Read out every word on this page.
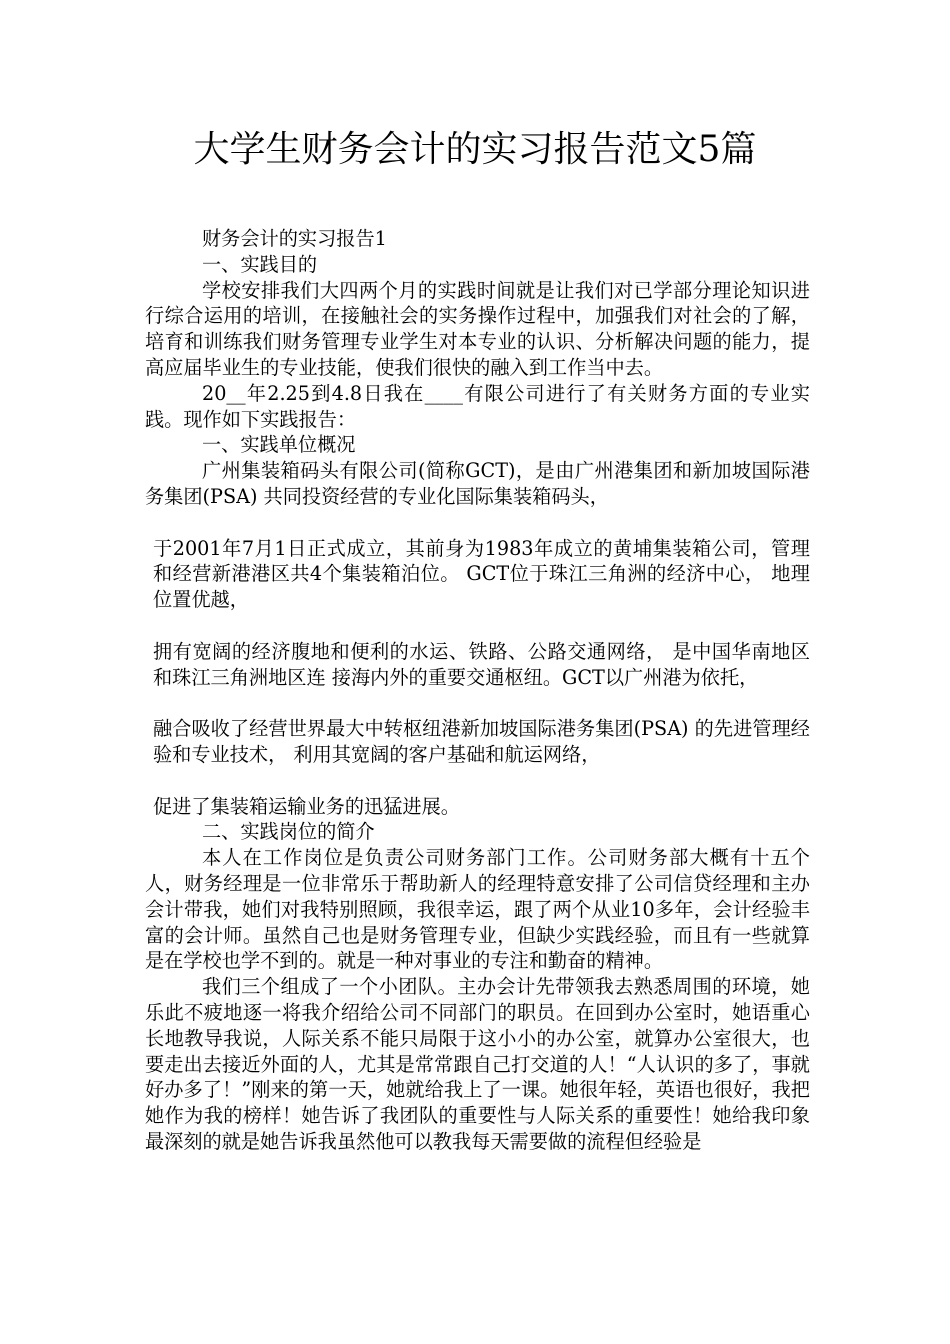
大学生财务会计的实习报告范文5篇

财务会计的实习报告1

一、实践目的

学校安排我们大四两个月的实践时间就是让我们对已学部分理论知识进行综合运用的培训，在接触社会的实务操作过程中，加强我们对社会的了解，培育和训练我们财务管理专业学生对本专业的认识、分析解决问题的能力，提高应届毕业生的专业技能，使我们很快的融入到工作当中去。

20__年2.25到4.8日我在____有限公司进行了有关财务方面的专业实践。现作如下实践报告：

一、实践单位概况

广州集装箱码头有限公司(简称GCT)，是由广州港集团和新加坡国际港务集团(PSA) 共同投资经营的专业化国际集装箱码头，

于2001年7月1日正式成立，其前身为1983年成立的黄埔集装箱公司，管理和经营新港港区共4个集装箱泊位。 GCT位于珠江三角洲的经济中心， 地理位置优越，

拥有宽阔的经济腹地和便利的水运、铁路、公路交通网络， 是中国华南地区和珠江三角洲地区连 接海内外的重要交通枢纽。GCT以广州港为依托，

融合吸收了经营世界最大中转枢纽港新加坡国际港务集团(PSA) 的先进管理经验和专业技术， 利用其宽阔的客户基础和航运网络，

促进了集装箱运输业务的迅猛进展。

二、实践岗位的简介

本人在工作岗位是负责公司财务部门工作。公司财务部大概有十五个人，财务经理是一位非常乐于帮助新人的经理特意安排了公司信贷经理和主办会计带我，她们对我特别照顾，我很幸运，跟了两个从业10多年，会计经验丰富的会计师。虽然自己也是财务管理专业，但缺少实践经验，而且有一些就算是在学校也学不到的。就是一种对事业的专注和勤奋的精神。

我们三个组成了一个小团队。主办会计先带领我去熟悉周围的环境，她乐此不疲地逐一将我介绍给公司不同部门的职员。在回到办公室时，她语重心长地教导我说，人际关系不能只局限于这小小的办公室，就算办公室很大，也要走出去接近外面的人，尤其是常常跟自己打交道的人！“人认识的多了，事就好办多了！”刚来的第一天，她就给我上了一课。她很年轻，英语也很好，我把她作为我的榜样！她告诉了我团队的重要性与人际关系的重要性！她给我印象最深刻的就是她告诉我虽然他可以教我每天需要做的流程但经验是
